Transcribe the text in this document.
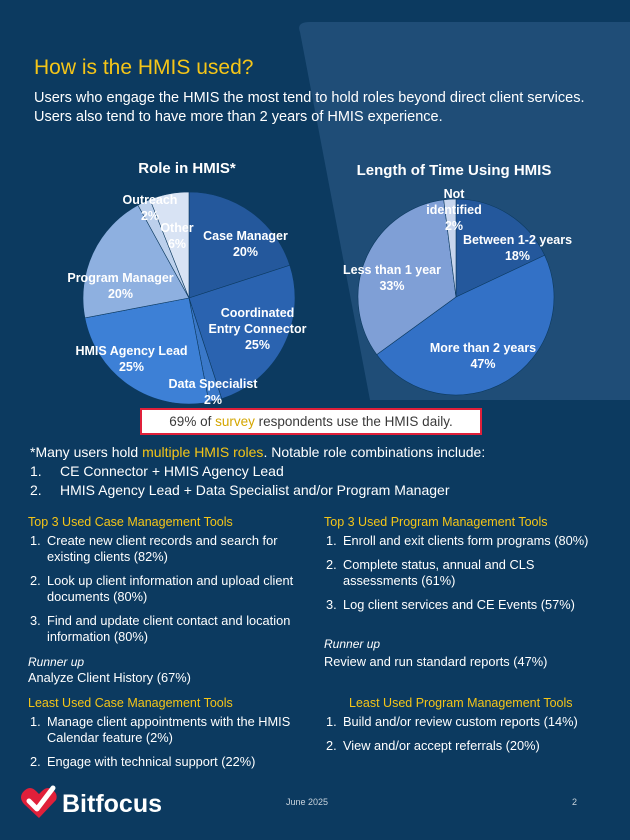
How is the HMIS used?
Users who engage the HMIS the most tend to hold roles beyond direct client services. Users also tend to have more than 2 years of HMIS experience.
Role in HMIS*	Length of Time Using HMIS
Case Manager
20%
Coordinated
Entry Connector
25%
Data Specialist
2%
HMIS Agency Lead
25%
Program Manager
20%
Outreach
2%
Other
6%	Between 1-2 years
18%
More than 2 years
47%
Less than 1 year
33%
Not
identified
2%
69% of survey respondents use the HMIS daily.
*Many users hold multiple HMIS roles. Notable role combinations include:
1. CE Connector + HMIS Agency Lead
2. HMIS Agency Lead + Data Specialist and/or Program Manager
Top 3 Used Case Management Tools
1. Create new client records and search for existing clients (82%)
2. Look up client information and upload client documents (80%)
3. Find and update client contact and location information (80%)
Runner up
Analyze Client History (67%)
Least Used Case Management Tools
1. Manage client appointments with the HMIS Calendar feature (2%)
2. Engage with technical support (22%)
Top 3 Used Program Management Tools
1. Enroll and exit clients form programs (80%)
2. Complete status, annual and CLS assessments (61%)
3. Log client services and CE Events (57%)
Runner up
Review and run standard reports (47%)
Least Used Program Management Tools
1. Build and/or review custom reports (14%)
2. View and/or accept referrals (20%)
Bitfocus	June 2025	2
